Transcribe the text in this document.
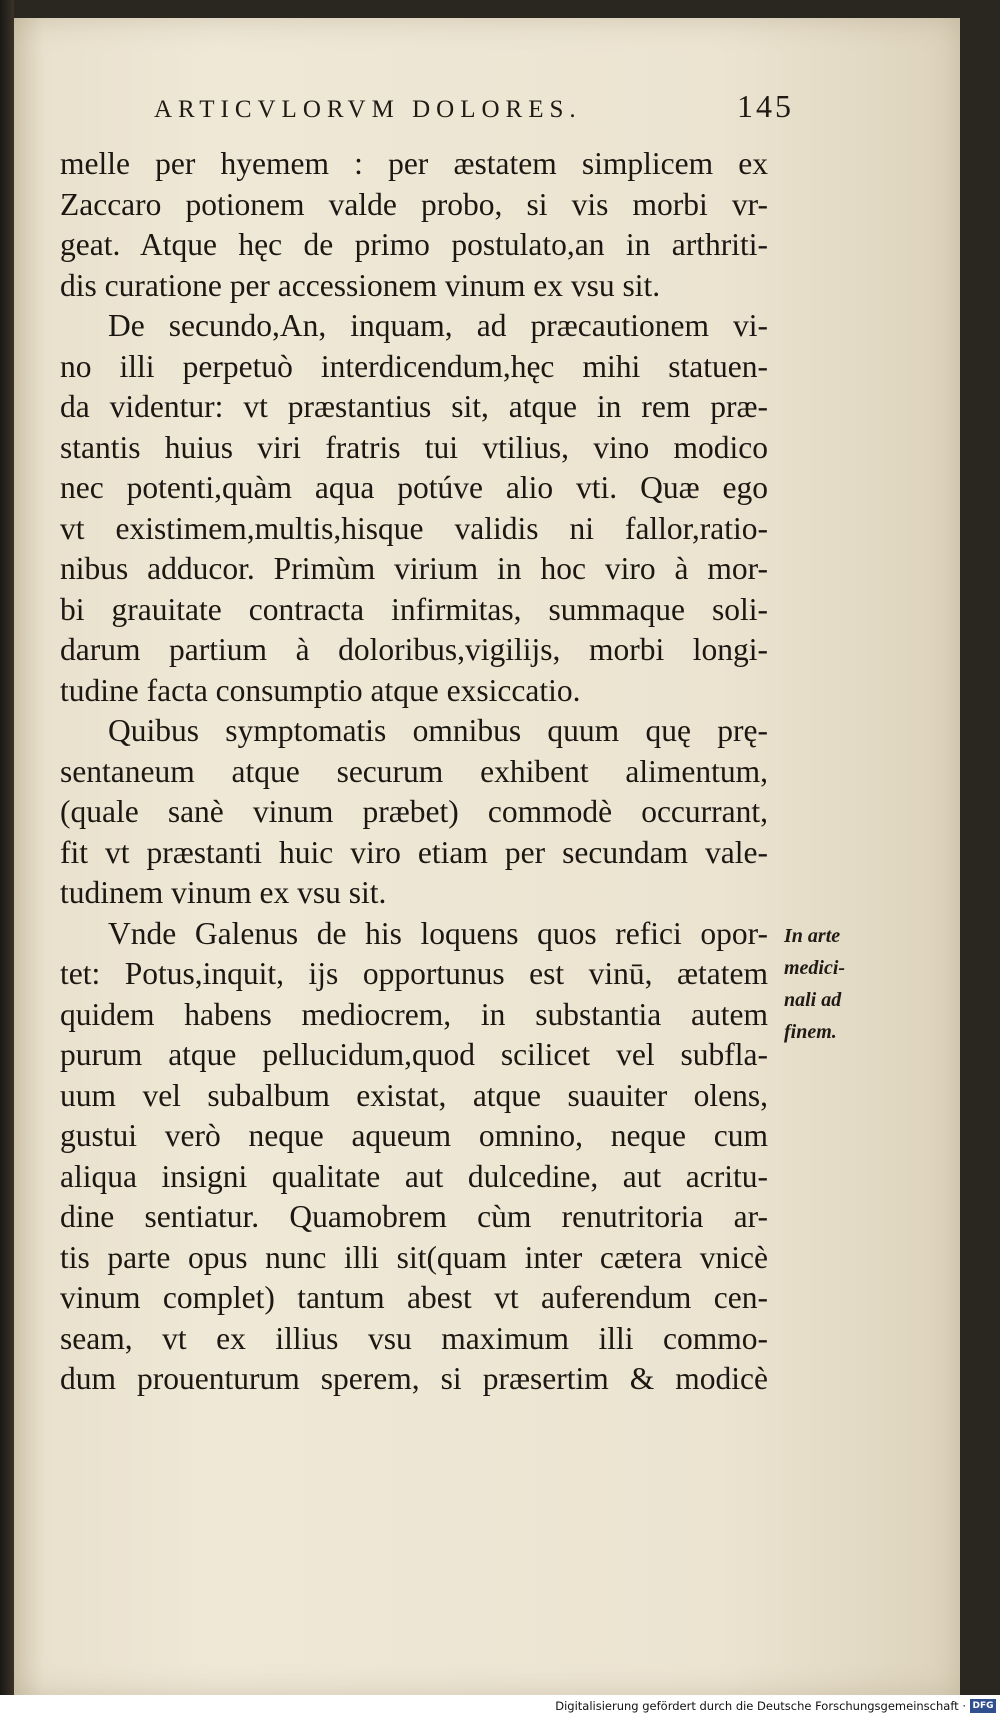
ARTICVLORVM DOLORES.	145
melle per hyemem : per æstatem simplicem ex
Zaccaro potionem valde probo, si vis morbi vr-
geat. Atque hęc de primo postulato,an in arthriti-
dis curatione per accessionem vinum ex vsu sit.
De secundo,An, inquam, ad præcautionem vi-
no illi perpetuò interdicendum,hęc mihi statuen-
da videntur: vt præstantius sit, atque in rem præ-
stantis huius viri fratris tui vtilius, vino modico
nec potenti,quàm aqua potúve alio vti. Quæ ego
vt existimem,multis,hisque validis ni fallor,ratio-
nibus adducor. Primùm virium in hoc viro à mor-
bi grauitate contracta infirmitas, summaque soli-
darum partium à doloribus,vigilijs, morbi longi-
tudine facta consumptio atque exsiccatio.
Quibus symptomatis omnibus quum quę prę-
sentaneum atque securum exhibent alimentum,
(quale sanè vinum præbet) commodè occurrant,
fit vt præstanti huic viro etiam per secundam vale-
tudinem vinum ex vsu sit.
Vnde Galenus de his loquens quos refici opor-
tet: Potus,inquit, ijs opportunus est vinū, ætatem
quidem habens mediocrem, in substantia autem
purum atque pellucidum,quod scilicet vel subfla-
uum vel subalbum existat, atque suauiter olens,
gustui verò neque aqueum omnino, neque cum
aliqua insigni qualitate aut dulcedine, aut acritu-
dine sentiatur. Quamobrem cùm renutritoria ar-
tis parte opus nunc illi sit(quam inter cætera vnicè
vinum complet) tantum abest vt auferendum cen-
seam, vt ex illius vsu maximum illi commo-
dum prouenturum sperem, si præsertim & modicè
In arte
medici-
nali ad
finem.
Digitalisierung gefördert durch die Deutsche Forschungsgemeinschaft · DFG
